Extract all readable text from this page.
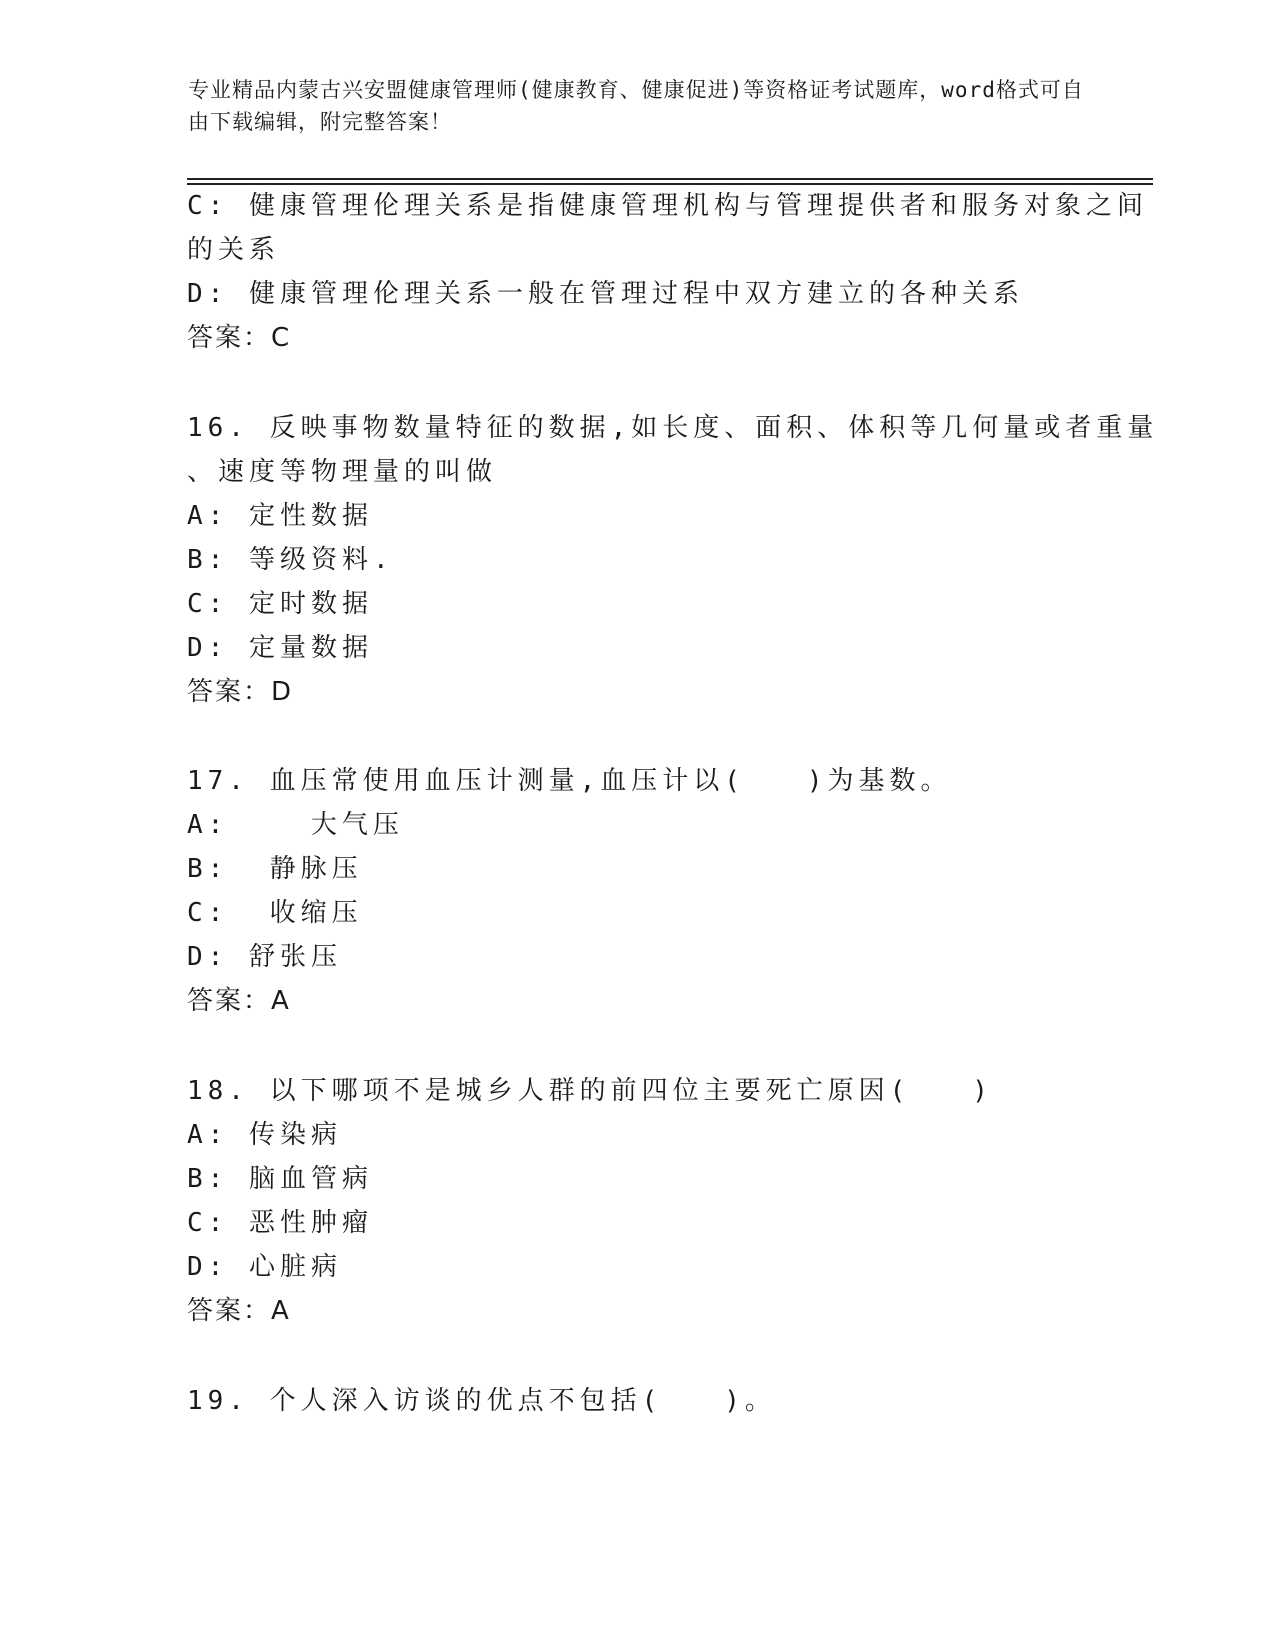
专业精品内蒙古兴安盟健康管理师(健康教育、健康促进)等资格证考试题库，word格式可自由下载编辑，附完整答案！
C: 健康管理伦理关系是指健康管理机构与管理提供者和服务对象之间
的关系
D: 健康管理伦理关系一般在管理过程中双方建立的各种关系
答案：C
16. 反映事物数量特征的数据,如长度、面积、体积等几何量或者重量
、速度等物理量的叫做
A: 定性数据
B: 等级资料.
C: 定时数据
D: 定量数据
答案：D
17. 血压常使用血压计测量,血压计以(   )为基数。
A:    大气压
B:  静脉压
C:  收缩压
D: 舒张压
答案：A
18. 以下哪项不是城乡人群的前四位主要死亡原因(   )
A: 传染病
B: 脑血管病
C: 恶性肿瘤
D: 心脏病
答案：A
19. 个人深入访谈的优点不包括(   )。
